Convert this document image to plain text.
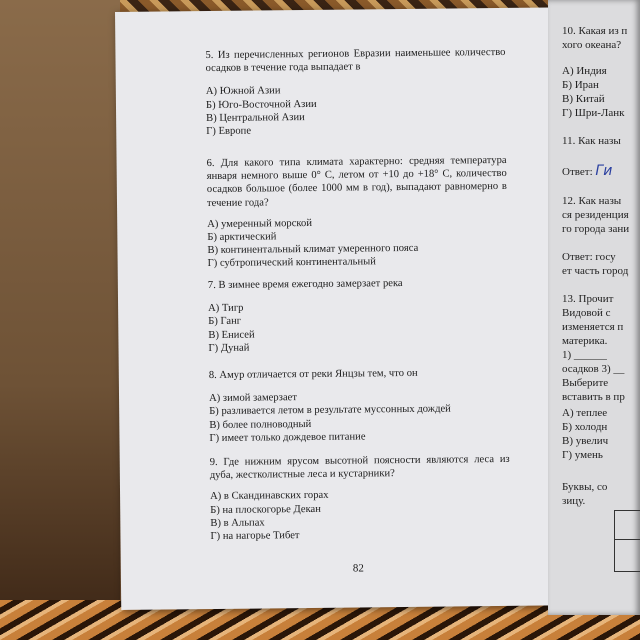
5. Из перечисленных регионов Евразии наименьшее количество осадков в течение года выпадает в

А) Южной Азии

Б) Юго-Восточной Азии

В) Центральной Азии

Г) Европе

6. Для какого типа климата характерно: средняя температура января немного выше 0° С, летом от +10 до +18° С, количество осадков большое (более 1000 мм в год), выпадают равномерно в течение года?

А) умеренный морской

Б) арктический

В) континентальный климат умеренного пояса

Г) субтропический континентальный

7. В зимнее время ежегодно замерзает река

А) Тигр

Б) Ганг

В) Енисей

Г) Дунай

8. Амур отличается от реки Янцзы тем, что он

А) зимой замерзает

Б) разливается летом в результате муссонных дождей

В) более полноводный

Г) имеет только дождевое питание

9. Где нижним ярусом высотной поясности являются леса из дуба, жестколистные леса и кустарники?

А) в Скандинавских горах

Б) на плоскогорье Декан

В) в Альпах

Г) на нагорье Тибет

82
10. Какая из п
хого океана?
А) Индия
Б) Иран
В) Китай
Г) Шри-Ланк
11. Как назы
Ответ: Ги
12. Как назы
ся резиденция
го города зани
Ответ: госу
ет часть город
13. Прочит
Видовой с
изменяется п
материка.
1) ______
осадков 3) __
Выберите
вставить в пр
А) теплее
Б) холодн
В) увелич
Г) умень
Буквы, со
зицу.
